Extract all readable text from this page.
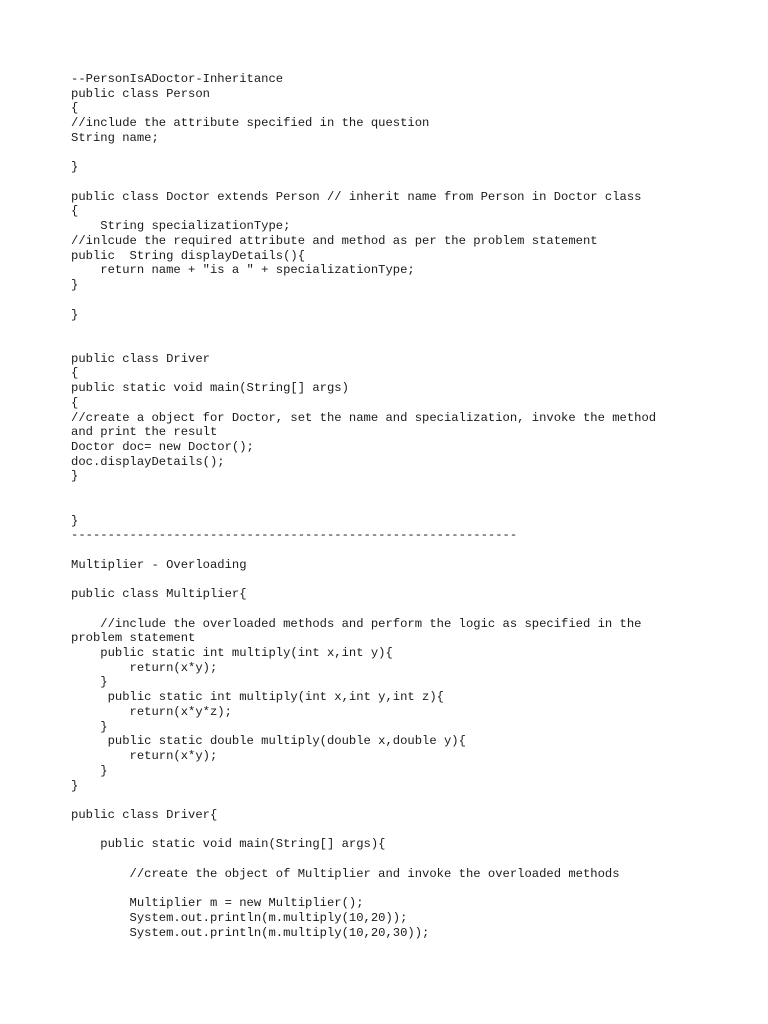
--PersonIsADoctor-Inheritance
public class Person
{
//include the attribute specified in the question
String name;
}
public class Doctor extends Person // inherit name from Person in Doctor class
{
String specializationType;
//inlcude the required attribute and method as per the problem statement
public  String displayDetails(){
return name + "is a " + specializationType;
}
}
public class Driver
{
public static void main(String[] args)
{
//create a object for Doctor, set the name and specialization, invoke the method
and print the result
Doctor doc= new Doctor();
doc.displayDetails();
}
}
-------------------------------------------------------------
Multiplier - Overloading
public class Multiplier{
//include the overloaded methods and perform the logic as specified in the
problem statement
public static int multiply(int x,int y){
return(x*y);
}
public static int multiply(int x,int y,int z){
return(x*y*z);
}
public static double multiply(double x,double y){
return(x*y);
}
}
public class Driver{
public static void main(String[] args){
//create the object of Multiplier and invoke the overloaded methods
Multiplier m = new Multiplier();
System.out.println(m.multiply(10,20));
System.out.println(m.multiply(10,20,30));
